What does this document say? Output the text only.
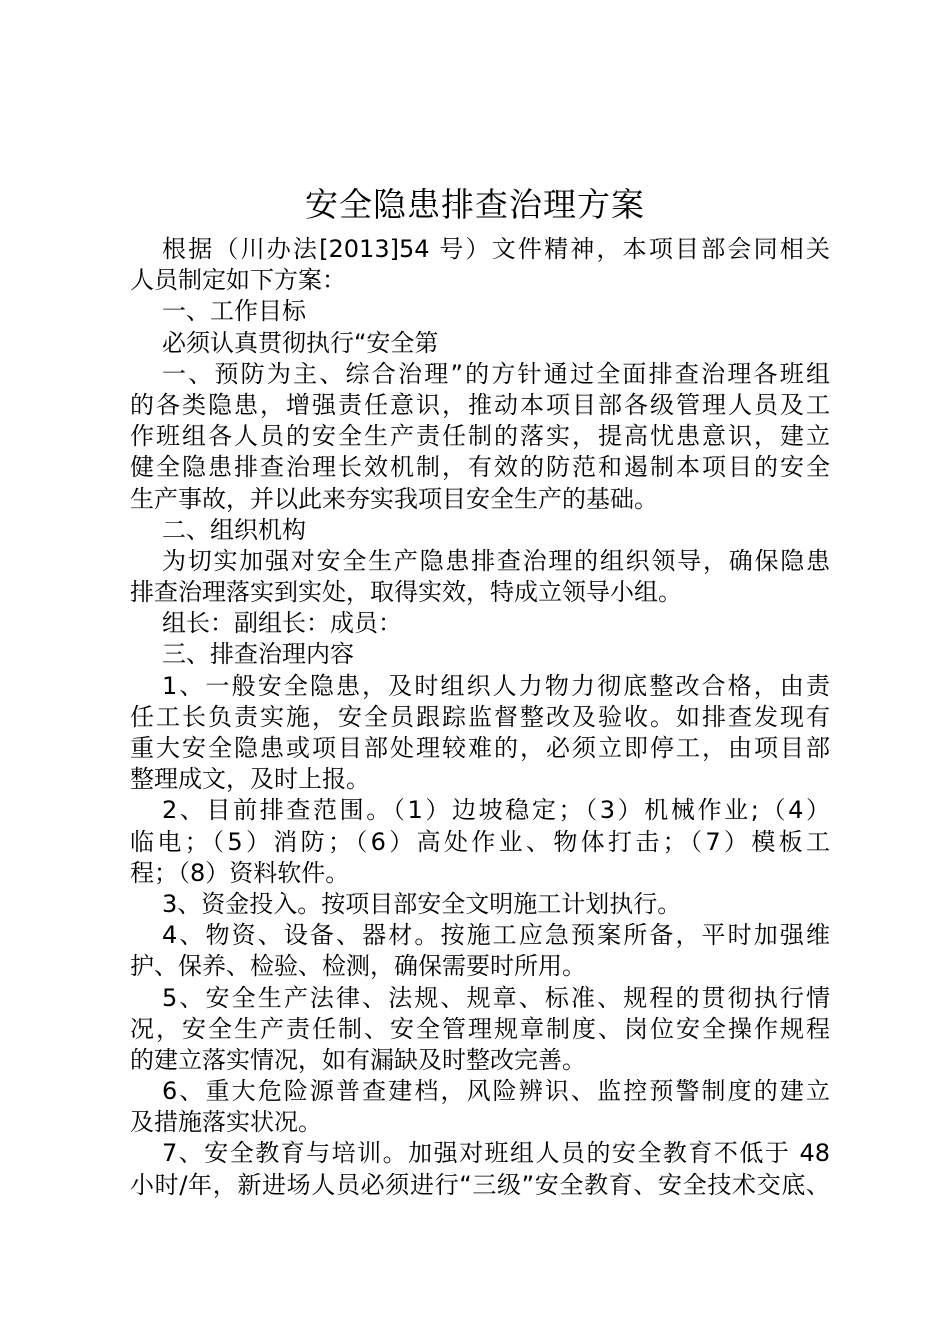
安全隐患排查治理方案
根据（川办法[2013]54 号）文件精神，本项目部会同相关
人员制定如下方案：
一、工作目标
必须认真贯彻执行“安全第
一、预防为主、综合治理”的方针通过全面排查治理各班组
的各类隐患，增强责任意识，推动本项目部各级管理人员及工
作班组各人员的安全生产责任制的落实，提高忧患意识，建立
健全隐患排查治理长效机制，有效的防范和遏制本项目的安全
生产事故，并以此来夯实我项目安全生产的基础。
二、组织机构
为切实加强对安全生产隐患排查治理的组织领导，确保隐患
排查治理落实到实处，取得实效，特成立领导小组。
组长：副组长：成员：
三、排查治理内容
1、一般安全隐患，及时组织人力物力彻底整改合格，由责
任工长负责实施，安全员跟踪监督整改及验收。如排查发现有
重大安全隐患或项目部处理较难的，必须立即停工，由项目部
整理成文，及时上报。
2、目前排查范围。（1）边坡稳定；（3）机械作业;（4）
临电；（5）消防；（6）高处作业、物体打击；（7）模板工
程；（8）资料软件。
3、资金投入。按项目部安全文明施工计划执行。
4、物资、设备、器材。按施工应急预案所备，平时加强维
护、保养、检验、检测，确保需要时所用。
5、安全生产法律、法规、规章、标准、规程的贯彻执行情
况，安全生产责任制、安全管理规章制度、岗位安全操作规程
的建立落实情况，如有漏缺及时整改完善。
6、重大危险源普查建档，风险辨识、监控预警制度的建立
及措施落实状况。
7、安全教育与培训。加强对班组人员的安全教育不低于 48
小时/年，新进场人员必须进行“三级”安全教育、安全技术交底、
